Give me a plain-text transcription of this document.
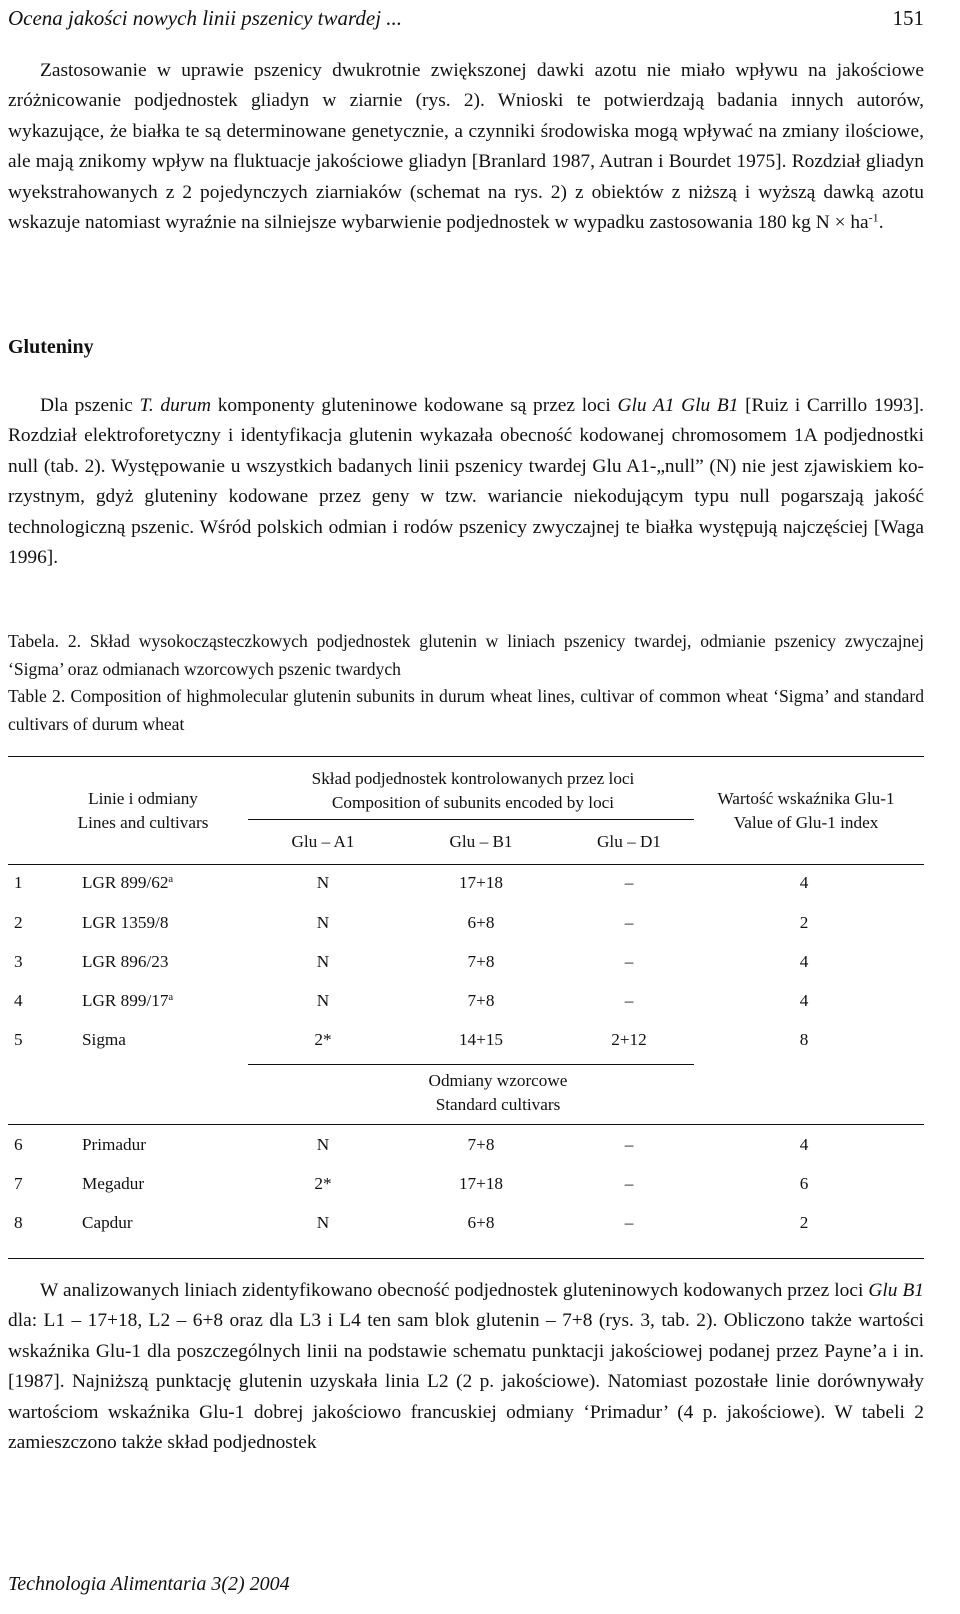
Ocena jakości nowych linii pszenicy twardej ...	151

Zastosowanie w uprawie pszenicy dwukrotnie zwiększonej dawki azotu nie miało wpływu na jakościowe zróżnicowanie podjednostek gliadyn w ziarnie (rys. 2). Wnioski te potwierdzają badania innych autorów, wykazujące, że białka te są determinowane genetycznie, a czynniki środowiska mogą wpływać na zmiany ilościowe, ale mają znikomy wpływ na fluktuacje jakościowe gliadyn [Branlard 1987, Autran i Bourdet 1975]. Rozdział gliadyn wyekstrahowanych z 2 pojedynczych ziarniaków (schemat na rys. 2) z obiektów z niższą i wyższą dawką azotu wskazuje natomiast wyraźnie na silniejsze wybarwienie podjednostek w wypadku zastosowania 180 kg $N \times ha^{-1}$.

Gluteniny

Dla pszenic T. durum komponenty gluteninowe kodowane są przez loci Glu A1 Glu B1 [Ruiz i Carrillo 1993]. Rozdział elektroforetyczny i identyfikacja glutenin wykazała obecność kodowanej chromosomem 1A podjednostki null (tab. 2). Występowanie u wszystkich badanych linii pszenicy twardej Glu A1-„null” (N) nie jest zjawiskiem korzystnym, gdyż gluteniny kodowane przez geny w tzw. wariancie niekodującym typu null pogarszają jakość technologiczną pszenic. Wśród polskich odmian i rodów pszenicy zwyczajnej te białka występują najczęściej [Waga 1996].

Tabela. 2. Skład wysokocząsteczkowych podjednostek glutenin w liniach pszenicy twardej, odmianie pszenicy zwyczajnej ‘Sigma’ oraz odmianach wzorcowych pszenic twardych
Table 2. Composition of highmolecular glutenin subunits in durum wheat lines, cultivar of common wheat ‘Sigma’ and standard cultivars of durum wheat
Linie i odmiany
Lines and cultivars
Skład podjednostek kontrolowanych przez loci
Composition of subunits encoded by loci	Wartość wskaźnika Glu-1
Value of Glu-1 index
Glu – A1	Glu – B1	Glu – D1
1	LGR 899/62$^a$	N	17+18	–	4
2	LGR 1359/8	N	6+8	–	2
3	LGR 896/23	N	7+8	–	4
4	LGR 899/17$^a$	N	7+8	–	4
5	Sigma	2*	14+15	2+12	8
Odmiany wzorcowe
Standard cultivars
6	Primadur	N	7+8	–	4
7	Megadur	2*	17+18	–	6
8	Capdur	N	6+8	–	2

W analizowanych liniach zidentyfikowano obecność podjednostek gluteninowych kodowanych przez loci Glu B1 dla: L1 – 17+18, L2 – 6+8 oraz dla L3 i L4 ten sam blok glutenin – 7+8 (rys. 3, tab. 2). Obliczono także wartości wskaźnika Glu-1 dla poszczególnych linii na podstawie schematu punktacji jakościowej podanej przez Payne’a i in. [1987]. Najniższą punktację glutenin uzyskała linia L2 (2 p. jakościowe). Natomiast pozostałe linie dorównywały wartościom wskaźnika Glu-1 dobrej jakościowo francuskiej odmiany ‘Primadur’ (4 p. jakościowe). W tabeli 2 zamieszczono także skład podjednostek

Technologia Alimentaria 3(2) 2004
